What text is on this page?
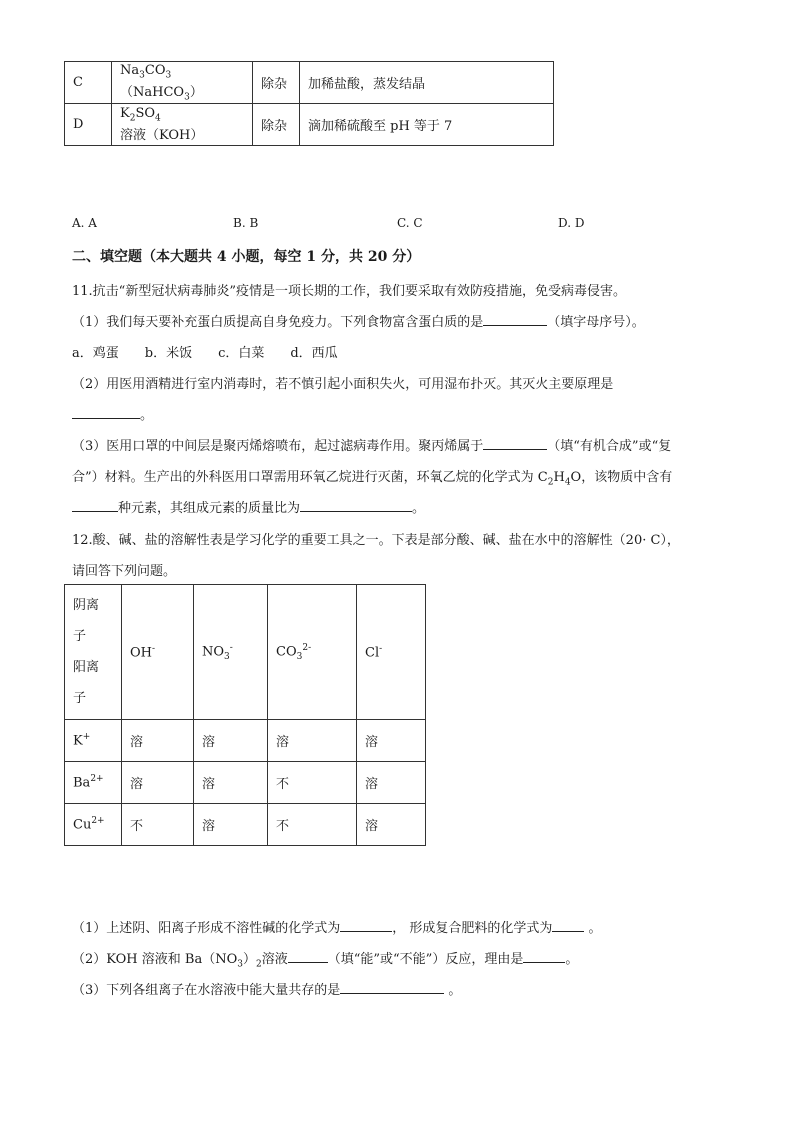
C	$Na_3CO_3(NaHCO_3)$	除杂	加稀盐酸，蒸发结晶
D	$K_2SO_4$溶液（KOH）	除杂	滴加稀硫酸至 pH 等于 7
A. A	B. B	C. C	D. D
二、填空题（本大题共 4 小题，每空 1 分，共 20 分）
11.抗击“新型冠状病毒肺炎”疫情是一项长期的工作，我们要采取有效防疫措施，免受病毒侵害。
（1）我们每天要补充蛋白质提高自身免疫力。下列食物富含蛋白质的是	（填字母序号）。
a．鸡蛋　　b．米饭　　c．白菜　　d．西瓜
（2）用医用酒精进行室内消毒时，若不慎引起小面积失火，可用湿布扑灭。其灭火主要原理是
。
（3）医用口罩的中间层是聚丙烯熔喷布，起过滤病毒作用。聚丙烯属于	（填“有机合成”或“复
合”）材料。生产出的外科医用口罩需用环氧乙烷进行灭菌，环氧乙烷的化学式为 $C_2H_4O$，该物质中含有
种元素，其组成元素的质量比为	。
12.酸、碱、盐的溶解性表是学习化学的重要工具之一。下表是部分酸、碱、盐在水中的溶解性（20· C），
请回答下列问题。
阴离
子
阳离
子	OH-	$NO_3^-$	$CO_3^{2-}$	Cl-
K+	溶	溶	溶	溶
$Ba^{2+}$	溶	溶	不	溶
$Cu^{2+}$	不	溶	不	溶
（1）上述阴、阳离子形成不溶性碱的化学式为	， 形成复合肥料的化学式为 。
（2）KOH 溶液和 $Ba(NO_3)_2$溶液	（填“能”或“不能”）反应，理由是	。
（3）下列各组离子在水溶液中能大量共存的是	。
